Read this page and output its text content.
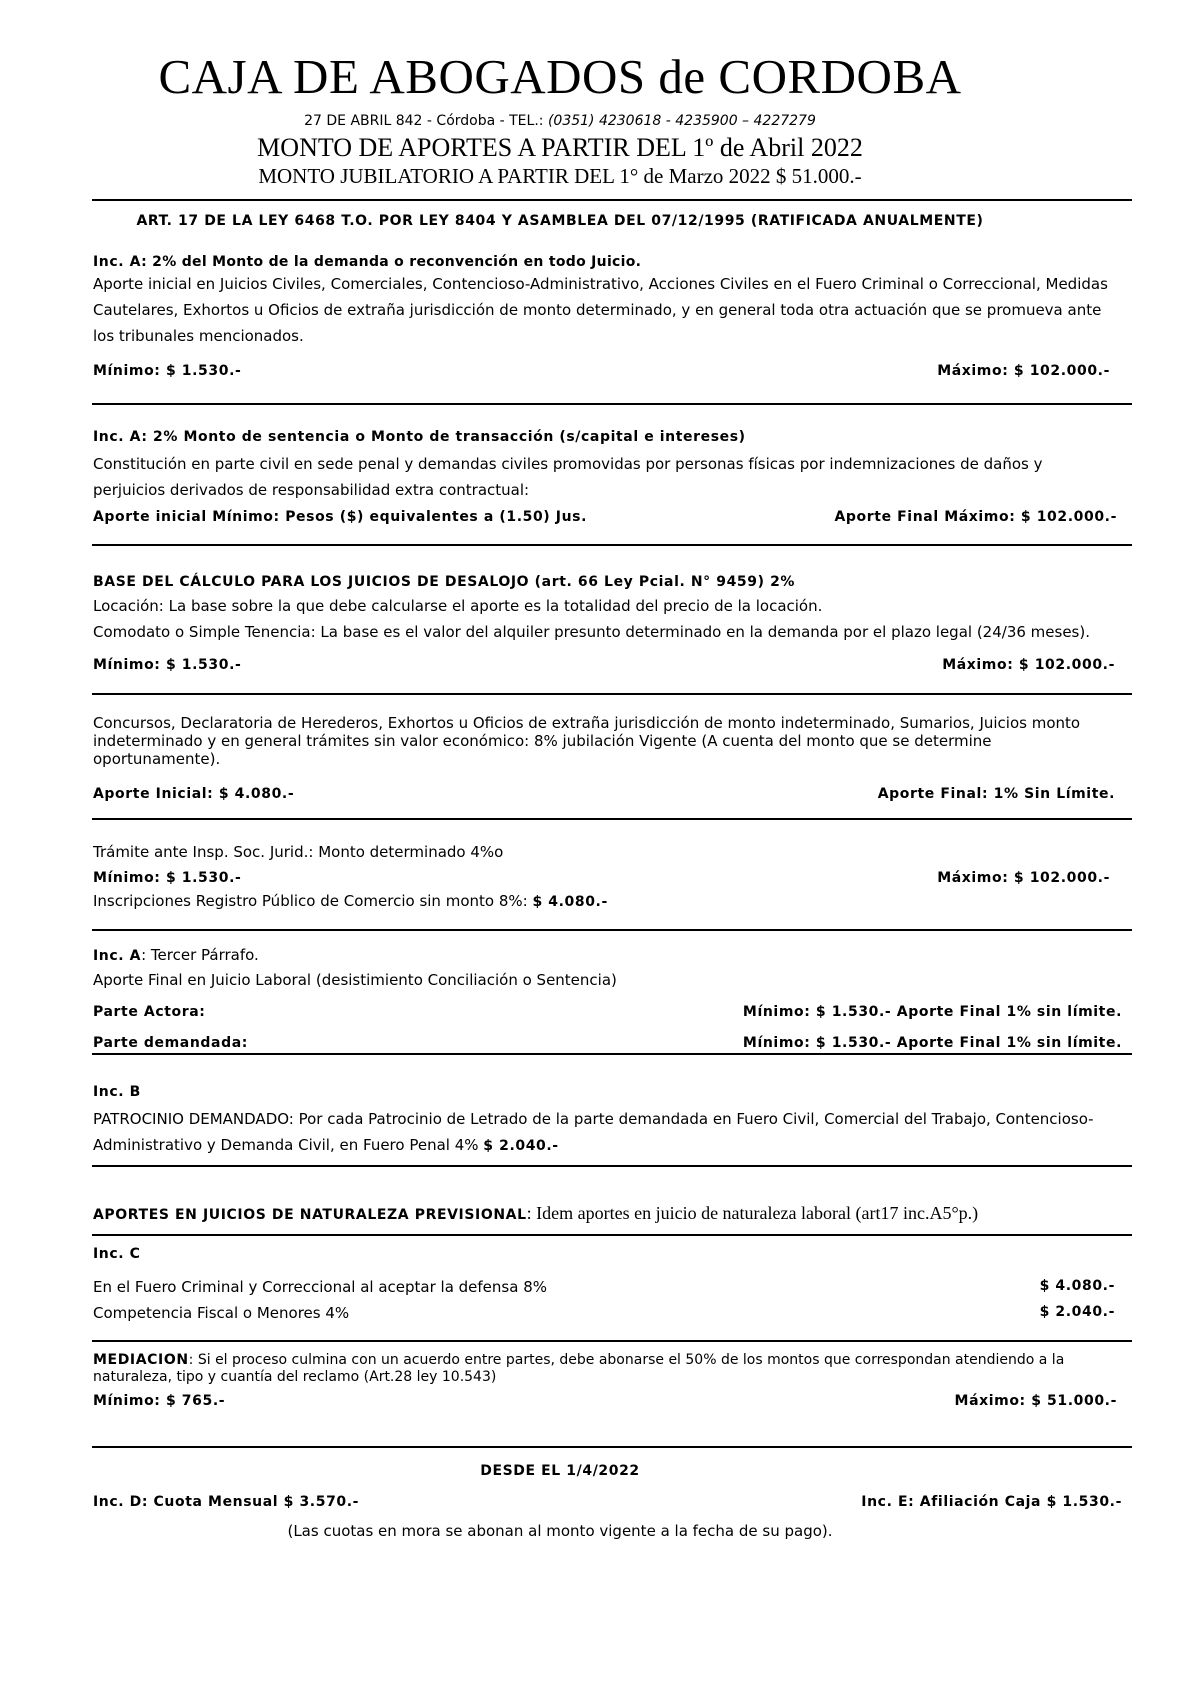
CAJA DE ABOGADOS de CORDOBA
27 DE ABRIL 842 - Córdoba - TEL.: (0351) 4230618 - 4235900 – 4227279
MONTO DE APORTES A PARTIR DEL 1º de Abril 2022
MONTO JUBILATORIO A PARTIR DEL 1° de Marzo 2022 $ 51.000.-
ART. 17 DE LA LEY 6468 T.O. POR LEY 8404 Y ASAMBLEA DEL 07/12/1995 (RATIFICADA ANUALMENTE)
Inc. A: 2% del Monto de la demanda o reconvención en todo Juicio.
Aporte inicial en Juicios Civiles, Comerciales, Contencioso-Administrativo, Acciones Civiles en el Fuero Criminal o Correccional, Medidas Cautelares, Exhortos u Oficios de extraña jurisdicción de monto determinado, y en general toda otra actuación que se promueva ante los tribunales mencionados.
Mínimo: $ 1.530.-	Máximo: $ 102.000.-
Inc. A: 2% Monto de sentencia o Monto de transacción (s/capital e intereses)
Constitución en parte civil en sede penal y demandas civiles promovidas por personas físicas por indemnizaciones de daños y perjuicios derivados de responsabilidad extra contractual:
Aporte inicial Mínimo: Pesos ($) equivalentes a (1.50) Jus.	Aporte Final Máximo: $ 102.000.-
BASE DEL CÁLCULO PARA LOS JUICIOS DE DESALOJO (art. 66 Ley Pcial. N° 9459) 2%
Locación: La base sobre la que debe calcularse el aporte es la totalidad del precio de la locación.
Comodato o Simple Tenencia: La base es el valor del alquiler presunto determinado en la demanda por el plazo legal (24/36 meses).
Mínimo: $ 1.530.-	Máximo: $ 102.000.-
Concursos, Declaratoria de Herederos, Exhortos u Oficios de extraña jurisdicción de monto indeterminado, Sumarios, Juicios monto indeterminado y en general trámites sin valor económico: 8% jubilación Vigente (A cuenta del monto que se determine oportunamente).
Aporte Inicial: $ 4.080.-	Aporte Final: 1% Sin Límite.
Trámite ante Insp. Soc. Jurid.: Monto determinado 4%o
Mínimo: $ 1.530.-	Máximo: $ 102.000.-
Inscripciones Registro Público de Comercio sin monto 8%: $ 4.080.-
Inc. A: Tercer Párrafo.
Aporte Final en Juicio Laboral (desistimiento Conciliación o Sentencia)
Parte Actora:	Mínimo: $ 1.530.- Aporte Final 1% sin límite.
Parte demandada:	Mínimo: $ 1.530.- Aporte Final 1% sin límite.
Inc. B
PATROCINIO DEMANDADO: Por cada Patrocinio de Letrado de la parte demandada en Fuero Civil, Comercial del Trabajo, Contencioso-Administrativo y Demanda Civil, en Fuero Penal 4% $ 2.040.-
APORTES EN JUICIOS DE NATURALEZA PREVISIONAL: Idem aportes en juicio de naturaleza laboral (art17 inc.A5°p.)
Inc. C
En el Fuero Criminal y Correccional al aceptar la defensa 8%	$ 4.080.-
Competencia Fiscal o Menores 4%	$ 2.040.-
MEDIACION: Si el proceso culmina con un acuerdo entre partes, debe abonarse el 50% de los montos que correspondan atendiendo a la naturaleza, tipo y cuantía del reclamo (Art.28 ley 10.543)
Mínimo: $ 765.-	Máximo: $ 51.000.-
DESDE EL 1/4/2022
Inc. D: Cuota Mensual $ 3.570.-	Inc. E: Afiliación Caja $ 1.530.-
(Las cuotas en mora se abonan al monto vigente a la fecha de su pago).
